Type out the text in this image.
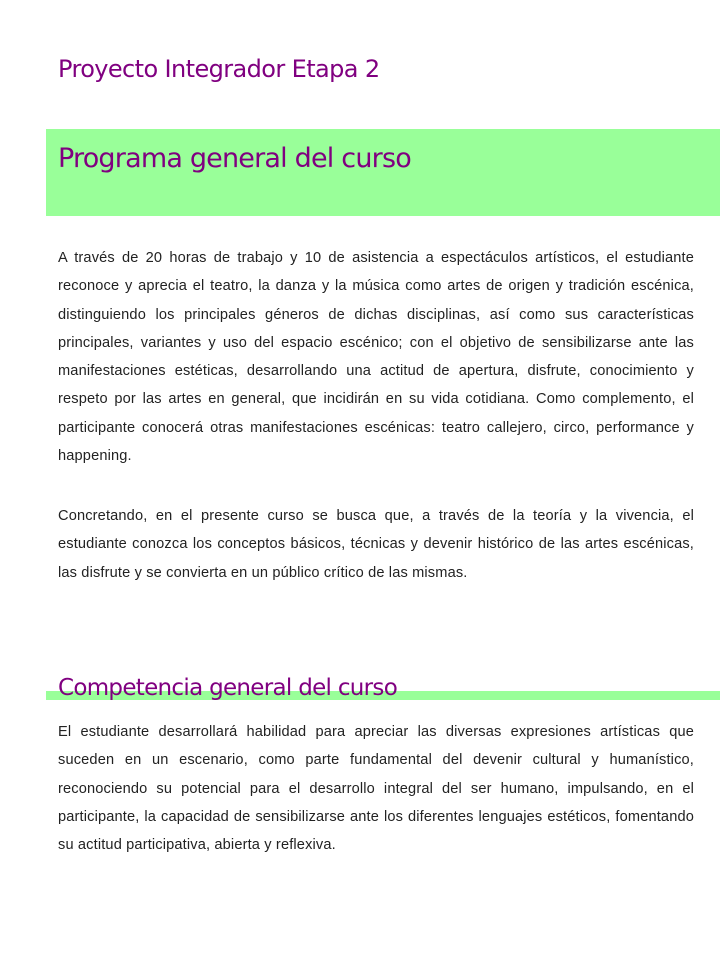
Proyecto Integrador Etapa 2
Programa general del curso
A través de 20 horas de trabajo y 10 de asistencia a espectáculos artísticos, el estudiante reconoce y aprecia el teatro, la danza y la música como artes de origen y tradición escénica, distinguiendo los principales géneros de dichas disciplinas, así como sus características principales, variantes y uso del espacio escénico; con el objetivo de sensibilizarse ante las manifestaciones estéticas, desarrollando una actitud de apertura, disfrute, conocimiento y respeto por las artes en general, que incidirán en su vida cotidiana. Como complemento, el participante conocerá otras manifestaciones escénicas: teatro callejero, circo, performance y happening.
Concretando, en el presente curso se busca que, a través de la teoría y la vivencia, el estudiante conozca los conceptos básicos, técnicas y devenir histórico de las artes escénicas, las disfrute y se convierta en un público crítico de las mismas.
Competencia general del curso
El estudiante desarrollará habilidad para apreciar las diversas expresiones artísticas que suceden en un escenario, como parte fundamental del devenir cultural y humanístico, reconociendo su potencial para el desarrollo integral del ser humano, impulsando, en el participante, la capacidad de sensibilizarse ante los diferentes lenguajes estéticos, fomentando su actitud participativa, abierta y reflexiva.
